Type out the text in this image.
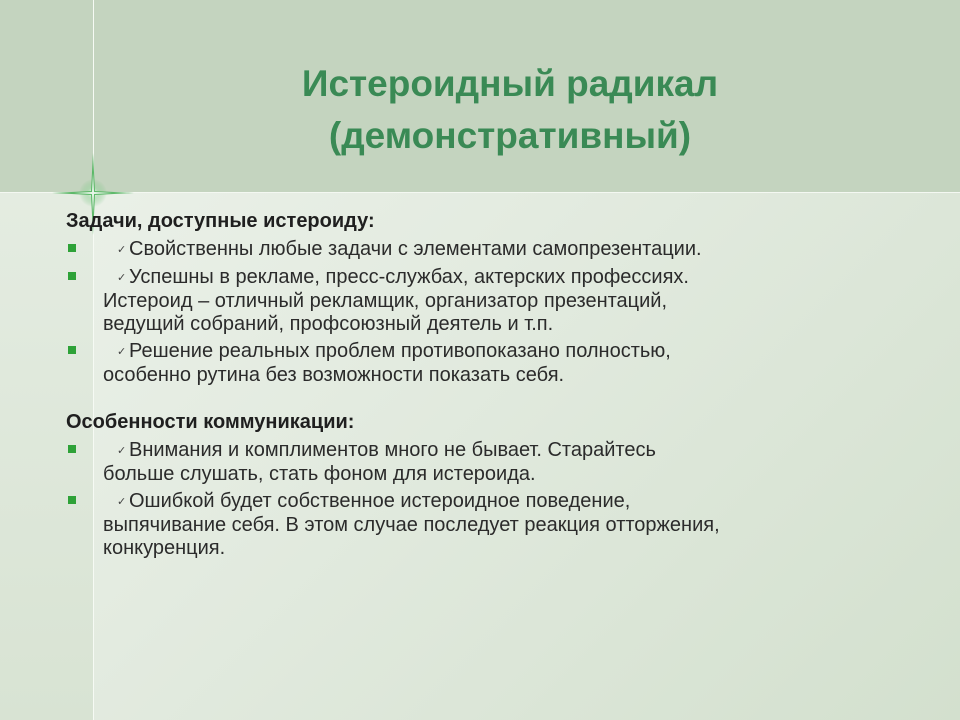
Истероидный радикал
(демонстративный)
Задачи, доступные истероиду:
✓ Свойственны любые задачи с элементами самопрезентации.
✓ Успешны в рекламе, пресс-службах, актерских профессиях.
Истероид – отличный рекламщик, организатор презентаций,
ведущий собраний, профсоюзный деятель и т.п.
✓ Решение реальных проблем противопоказано полностью,
особенно рутина без возможности показать себя.
Особенности коммуникации:
✓ Внимания и комплиментов много не бывает. Старайтесь
больше слушать, стать фоном для истероида.
✓ Ошибкой будет собственное истероидное поведение,
выпячивание себя. В этом случае последует реакция отторжения,
конкуренция.
